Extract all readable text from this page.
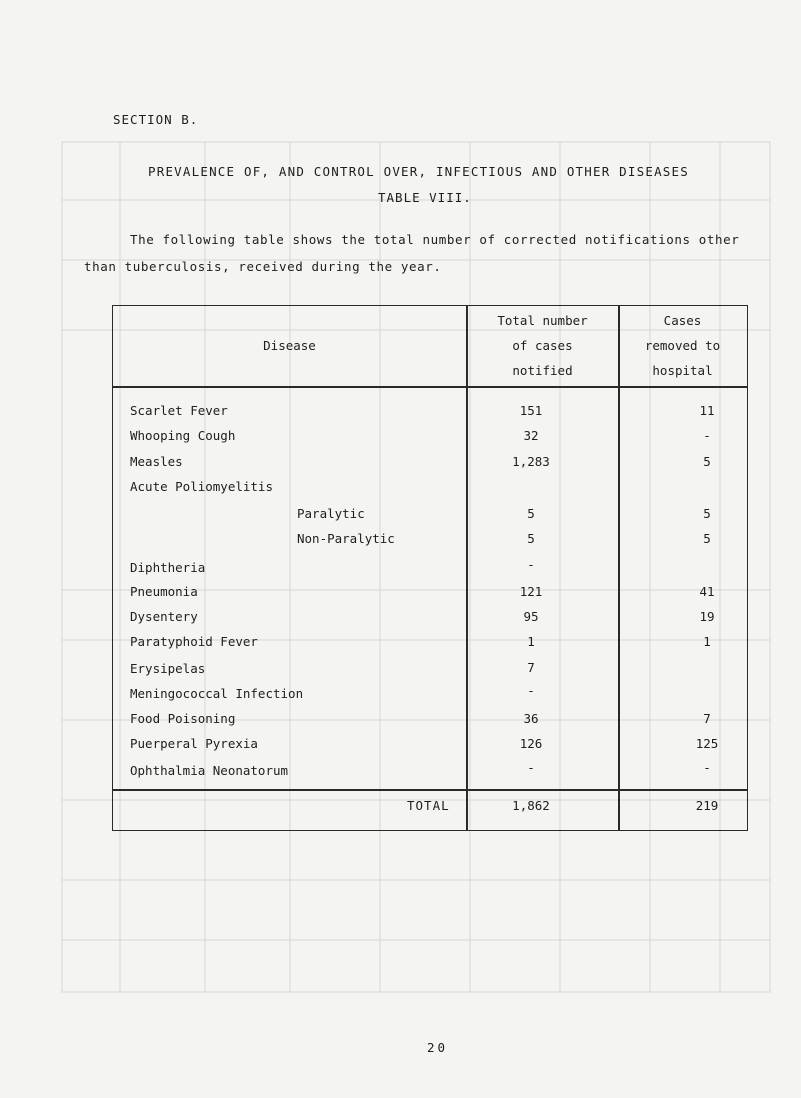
SECTION B.
PREVALENCE OF, AND CONTROL OVER, INFECTIOUS AND OTHER DISEASES
TABLE VIII.
The following table shows the total number of corrected notifications other
than tuberculosis, received during the year.
Disease
Total number
of cases
notified
Cases
removed to
hospital
Scarlet Fever	151	11
Whooping Cough	32	-
Measles	1,283	5
Acute Poliomyelitis
Paralytic	5	5
Non-Paralytic	5	5
Diphtheria	-
Pneumonia	121	41
Dysentery	95	19
Paratyphoid Fever	1	1
Erysipelas	7
Meningococcal Infection	-
Food Poisoning	36	7
Puerperal Pyrexia	126	125
Ophthalmia Neonatorum	-	-
TOTAL	1,862	219
20
